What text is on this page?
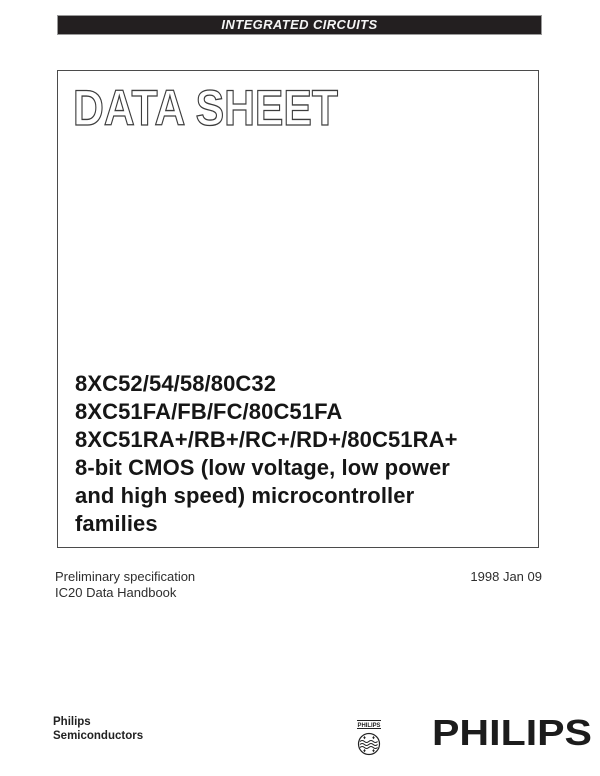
INTEGRATED CIRCUITS
DATA SHEET
8XC52/54/58/80C32
8XC51FA/FB/FC/80C51FA
8XC51RA+/RB+/RC+/RD+/80C51RA+
8-bit CMOS (low voltage, low power
and high speed) microcontroller
families
Preliminary specification
IC20 Data Handbook
1998 Jan 09
Philips
Semiconductors
PHILIPS PHILIPS
